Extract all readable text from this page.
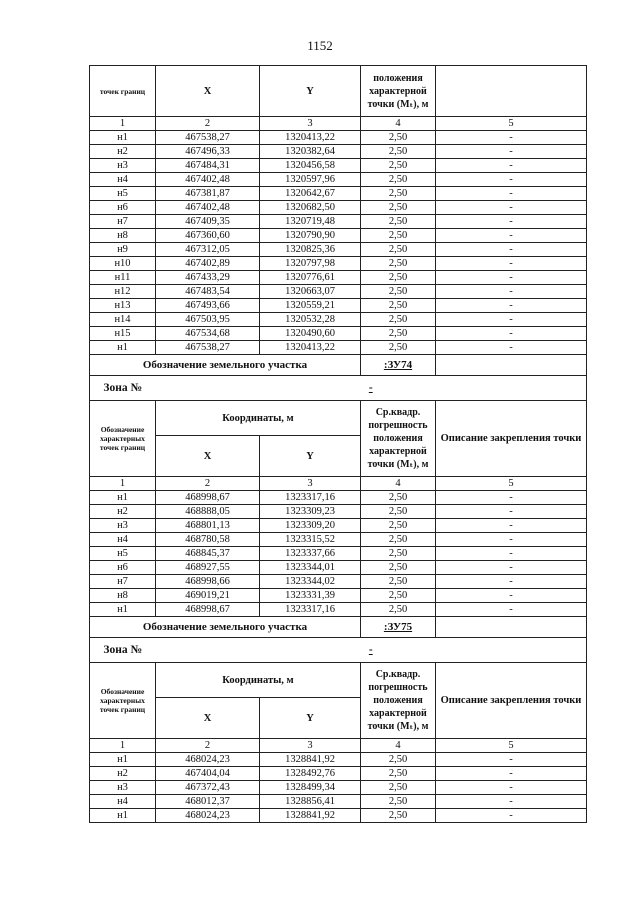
1152
точек границ	X	Y	положения характерной точки (Mₜ), м	
1	2	3	4	5
н1	467538,27	1320413,22	2,50	-
н2	467496,33	1320382,64	2,50	-
н3	467484,31	1320456,58	2,50	-
н4	467402,48	1320597,96	2,50	-
н5	467381,87	1320642,67	2,50	-
н6	467402,48	1320682,50	2,50	-
н7	467409,35	1320719,48	2,50	-
н8	467360,60	1320790,90	2,50	-
н9	467312,05	1320825,36	2,50	-
н10	467402,89	1320797,98	2,50	-
н11	467433,29	1320776,61	2,50	-
н12	467483,54	1320663,07	2,50	-
н13	467493,66	1320559,21	2,50	-
н14	467503,95	1320532,28	2,50	-
н15	467534,68	1320490,60	2,50	-
н1	467538,27	1320413,22	2,50	-
Обозначение земельного участка			:ЗУ74	
Зона №	-			
Обозначение характерных точек границ	Координаты, м		Ср.квадр. погрешность положения характерной точки (Mₜ), м	Описание закрепления точки
	X	Y		
1	2	3	4	5
н1	468998,67	1323317,16	2,50	-
н2	468888,05	1323309,23	2,50	-
н3	468801,13	1323309,20	2,50	-
н4	468780,58	1323315,52	2,50	-
н5	468845,37	1323337,66	2,50	-
н6	468927,55	1323344,01	2,50	-
н7	468998,66	1323344,02	2,50	-
н8	469019,21	1323331,39	2,50	-
н1	468998,67	1323317,16	2,50	-
Обозначение земельного участка			:ЗУ75	
Зона №	-			
Обозначение характерных точек границ	Координаты, м		Ср.квадр. погрешность положения характерной точки (Mₜ), м	Описание закрепления точки
	X	Y		
1	2	3	4	5
н1	468024,23	1328841,92	2,50	-
н2	467404,04	1328492,76	2,50	-
н3	467372,43	1328499,34	2,50	-
н4	468012,37	1328856,41	2,50	-
н1	468024,23	1328841,92	2,50	-
